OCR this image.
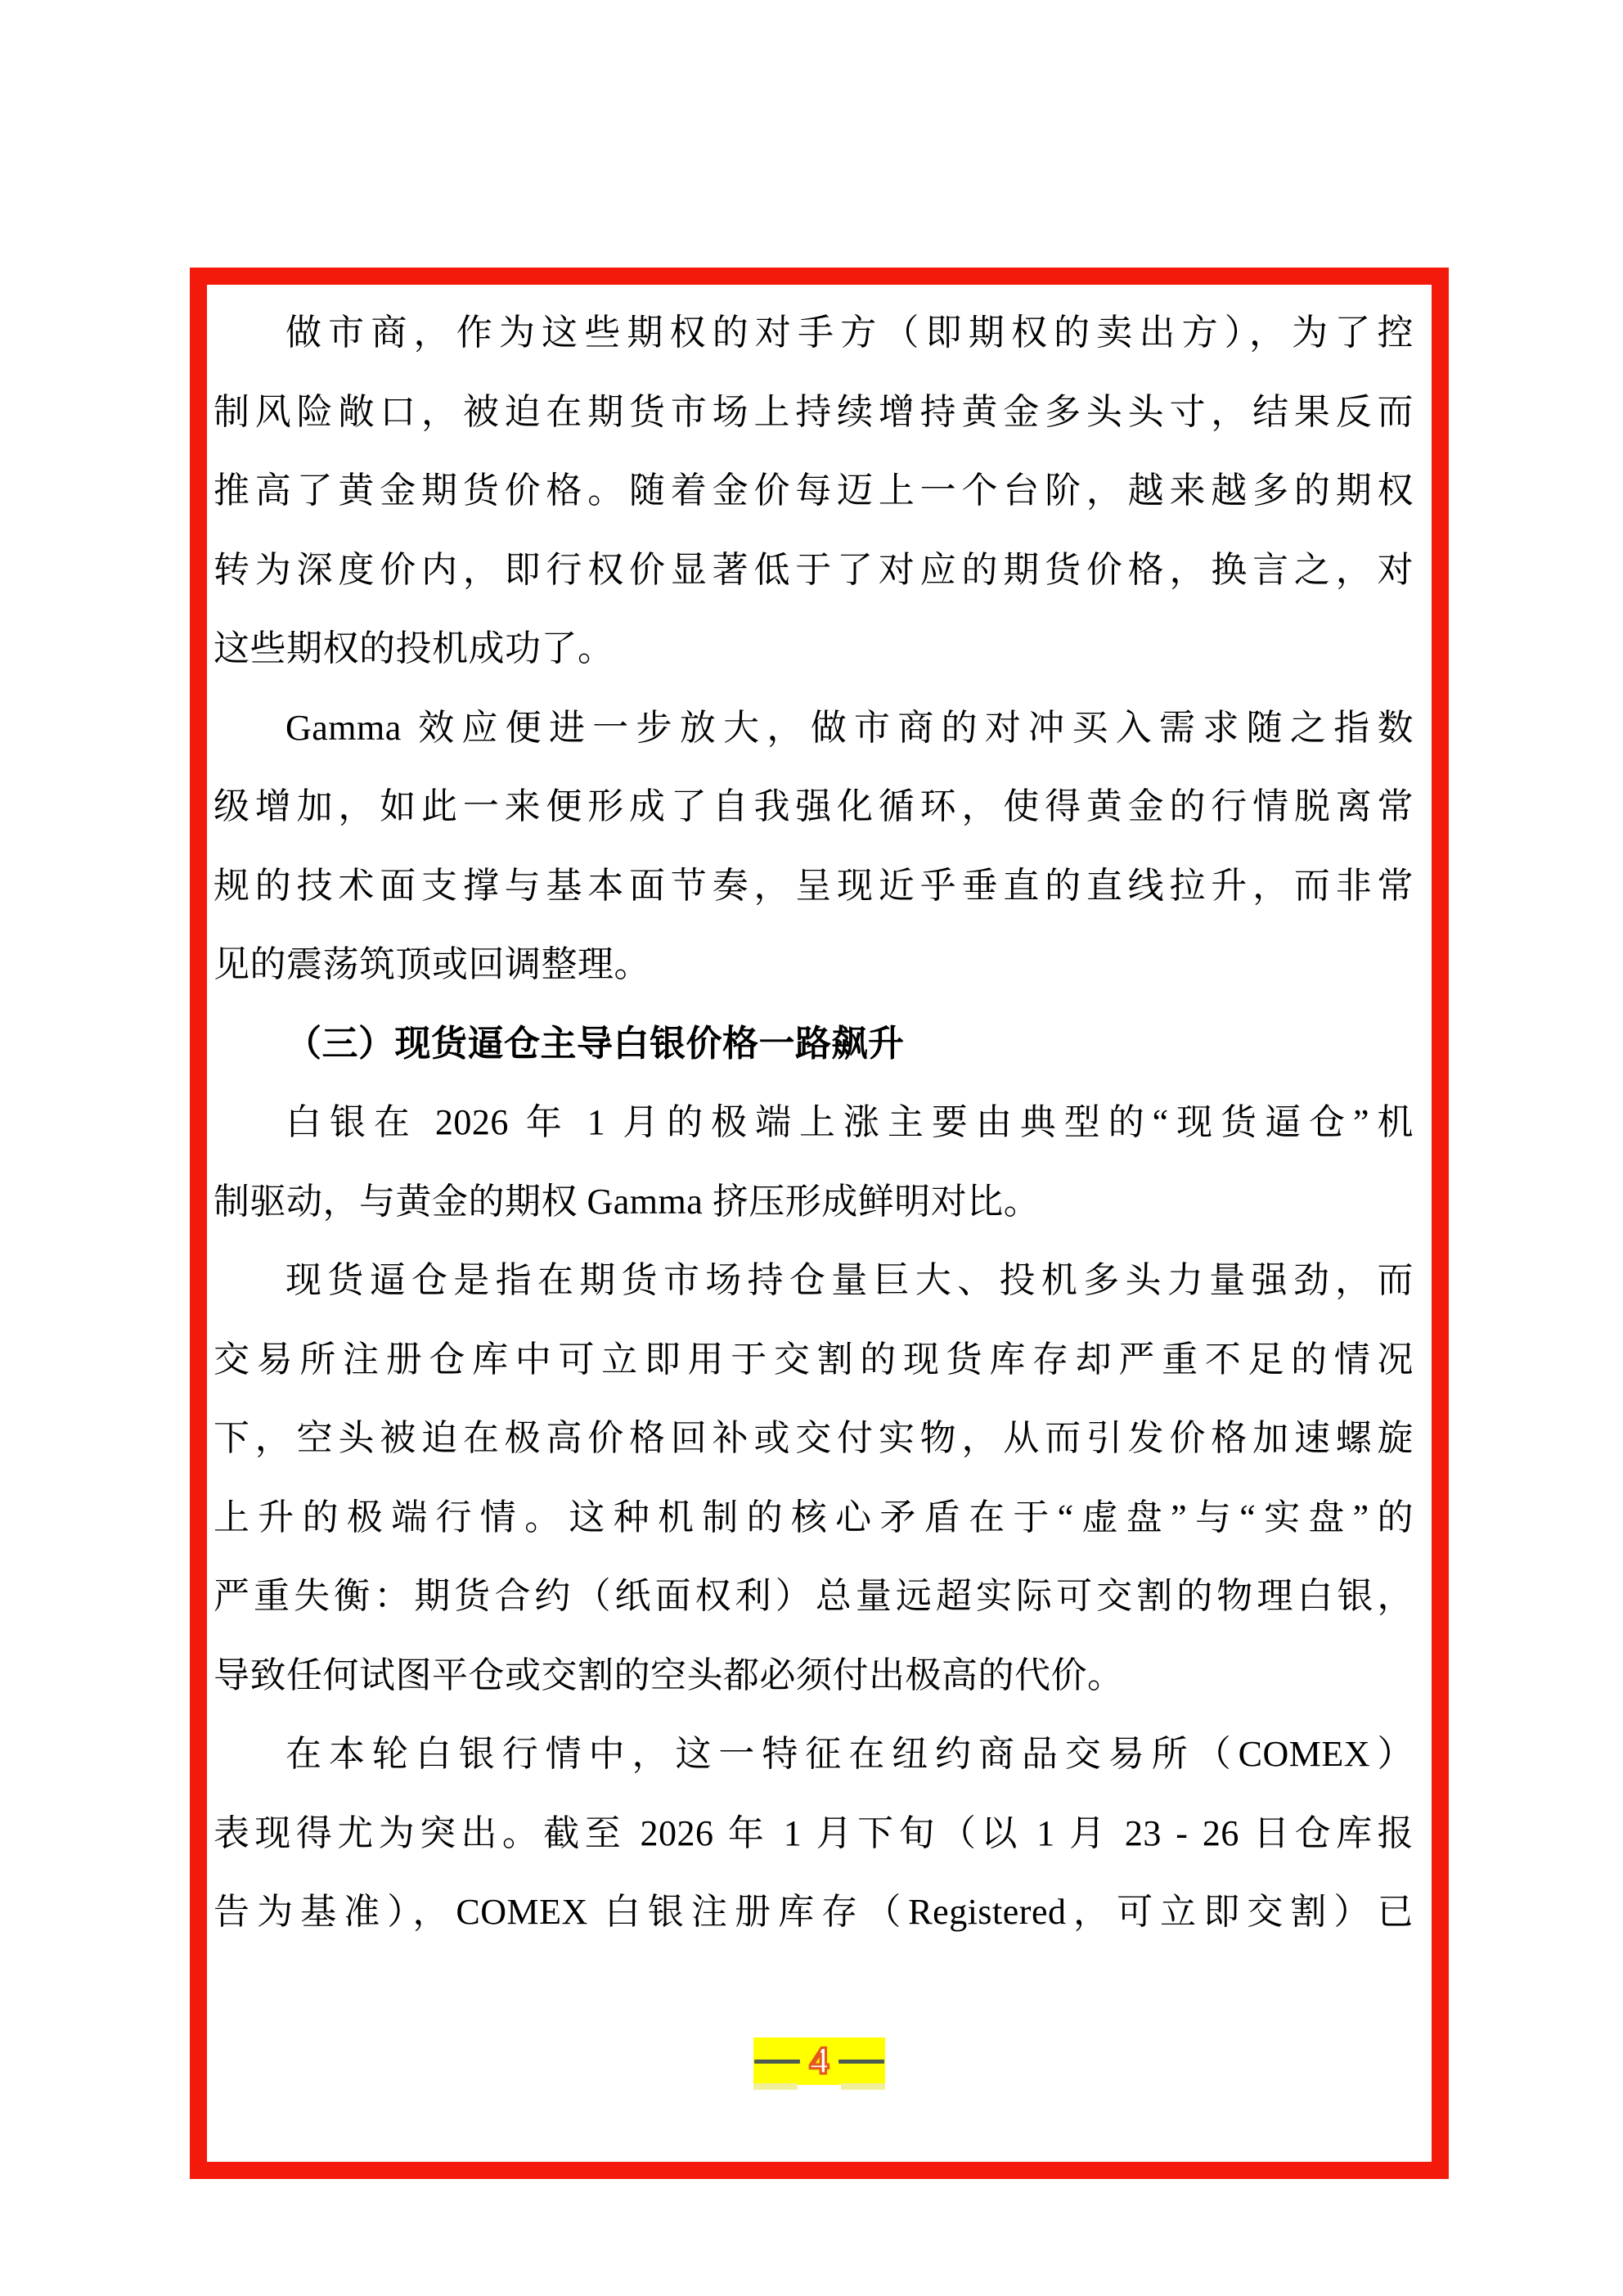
做市商，作为这些期权的对手方（即期权的卖出方），为了控
制风险敞口，被迫在期货市场上持续增持黄金多头头寸，结果反而
推高了黄金期货价格。随着金价每迈上一个台阶，越来越多的期权
转为深度价内，即行权价显著低于了对应的期货价格，换言之，对
这些期权的投机成功了。
Gamma 效应便进一步放大，做市商的对冲买入需求随之指数
级增加，如此一来便形成了自我强化循环，使得黄金的行情脱离常
规的技术面支撑与基本面节奏，呈现近乎垂直的直线拉升，而非常
见的震荡筑顶或回调整理。
（三）现货逼仓主导白银价格一路飙升
白银在 2026 年 1 月的极端上涨主要由典型的“现货逼仓”机
制驱动，与黄金的期权 Gamma 挤压形成鲜明对比。
现货逼仓是指在期货市场持仓量巨大、投机多头力量强劲，而
交易所注册仓库中可立即用于交割的现货库存却严重不足的情况
下，空头被迫在极高价格回补或交付实物，从而引发价格加速螺旋
上升的极端行情。这种机制的核心矛盾在于“虚盘”与“实盘”的
严重失衡：期货合约（纸面权利）总量远超实际可交割的物理白银，
导致任何试图平仓或交割的空头都必须付出极高的代价。
在本轮白银行情中，这一特征在纽约商品交易所（COMEX）
表现得尤为突出。截至 2026 年 1 月下旬（以 1 月 23 - 26 日仓库报
告为基准），COMEX 白银注册库存（Registered，可立即交割）已
4
